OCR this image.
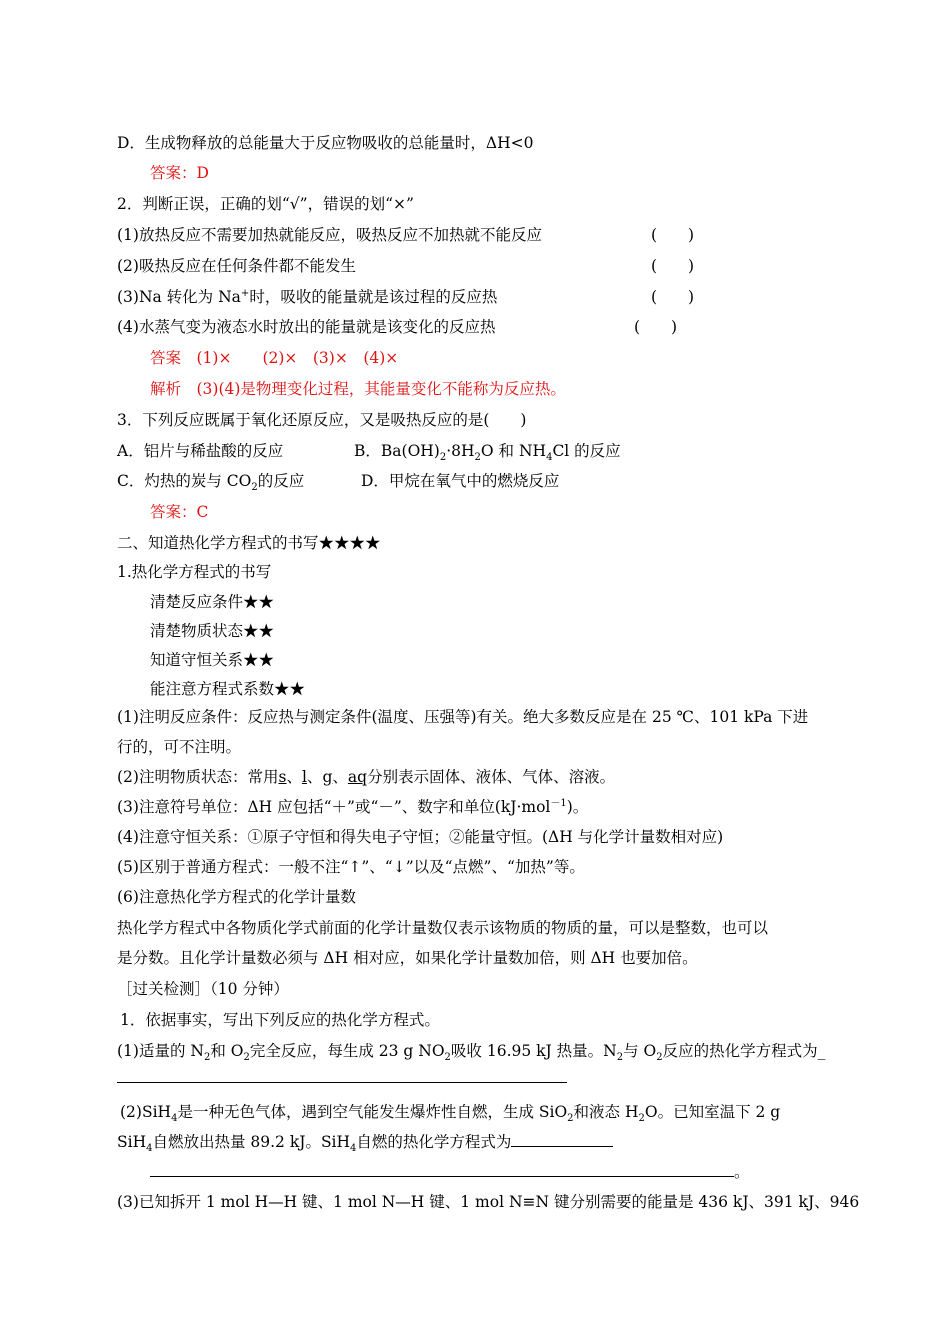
D．生成物释放的总能量大于反应物吸收的总能量时，ΔH<0
答案：D
2．判断正误，正确的划“√”，错误的划“×”
(1)放热反应不需要加热就能反应，吸热反应不加热就不能反应	(　　)
(2)吸热反应在任何条件都不能发生	(　　)
(3)Na 转化为 Na+时，吸收的能量就是该过程的反应热	(　　)
(4)水蒸气变为液态水时放出的能量就是该变化的反应热	(　　)
答案　(1)×　　(2)×　(3)×　(4)×
解析　(3)(4)是物理变化过程，其能量变化不能称为反应热。
3．下列反应既属于氧化还原反应，又是吸热反应的是(　　)
A．铝片与稀盐酸的反应	B．$Ba(OH)_2\cdot 8H_2O$ 和 $NH_4Cl$ 的反应
C．灼热的炭与 $CO_2$的反应	D．甲烷在氧气中的燃烧反应
答案：C
二、知道热化学方程式的书写★★★★
1.热化学方程式的书写
清楚反应条件★★
清楚物质状态★★
知道守恒关系★★
能注意方程式系数★★
(1)注明反应条件：反应热与测定条件(温度、压强等)有关。绝大多数反应是在 25 ℃、101 kPa 下进
行的，可不注明。
(2)注明物质状态：常用s、l、g、aq分别表示固体、液体、气体、溶液。
(3)注意符号单位：ΔH 应包括“＋”或“－”、数字和单位(kJ·mol$^{-1}$)。
(4)注意守恒关系：①原子守恒和得失电子守恒；②能量守恒。(ΔH 与化学计量数相对应)
(5)区别于普通方程式：一般不注“↑”、“↓”以及“点燃”、“加热”等。
(6)注意热化学方程式的化学计量数
热化学方程式中各物质化学式前面的化学计量数仅表示该物质的物质的量，可以是整数，也可以
是分数。且化学计量数必须与 ΔH 相对应，如果化学计量数加倍，则 ΔH 也要加倍。
［过关检测］（10 分钟）
1．依据事实，写出下列反应的热化学方程式。
(1)适量的 $N_2$和 $O_2$完全反应，每生成 23 g $NO_2$吸收 16.95 kJ 热量。$N_2$与 $O_2$反应的热化学方程式为_
(2)SiH$_4$是一种无色气体，遇到空气能发生爆炸性自燃，生成 SiO$_2$和液态 $H_2O$。已知室温下 2 g
SiH$_4$自燃放出热量 89.2 kJ。SiH$_4$自燃的热化学方程式为
。
(3)已知拆开 1 mol H—H 键、1 mol N—H 键、1 mol N≡N 键分别需要的能量是 436 kJ、391 kJ、946
